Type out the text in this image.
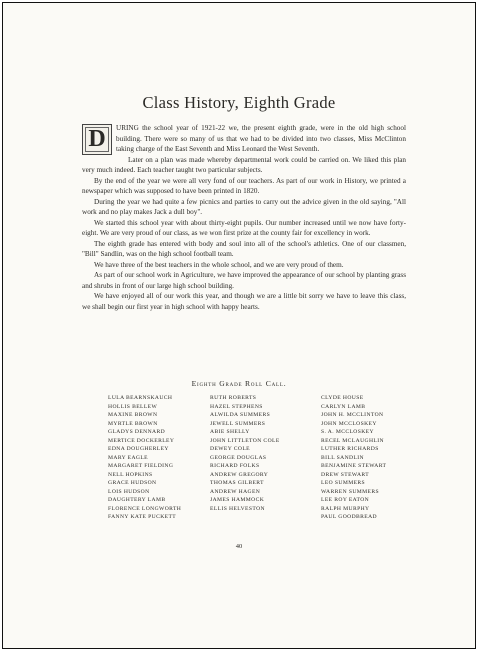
Class History, Eighth Grade

D	URING the school year of 1921-22 we, the present eighth grade, were in the old high school building. There were so many of us that we had to be divided into two classes, Miss McClinton taking charge of the East Seventh and Miss Leonard the West Seventh.

Later on a plan was made whereby departmental work could be carried on. We liked this plan very much indeed. Each teacher taught two particular subjects.

By the end of the year we were all very fond of our teachers. As part of our work in History, we printed a newspaper which was supposed to have been printed in 1820.

During the year we had quite a few picnics and parties to carry out the advice given in the old saying, "All work and no play makes Jack a dull boy".

We started this school year with about thirty-eight pupils. Our number increased until we now have forty-eight. We are very proud of our class, as we won first prize at the county fair for excellency in work.

The eighth grade has entered with body and soul into all of the school's athletics. One of our classmen, "Bill" Sandlin, was on the high school football team.

We have three of the best teachers in the whole school, and we are very proud of them.

As part of our school work in Agriculture, we have improved the appearance of our school by planting grass and shrubs in front of our large high school building.

We have enjoyed all of our work this year, and though we are a little bit sorry we have to leave this class, we shall begin our first year in high school with happy hearts.

Eighth Grade Roll Call.
LULA BEARNSKAUCH
HOLLIS BELLEW
MAXINE BROWN
MYRTLE BROWN
GLADYS DENNARD
MERTICE DOCKERLEY
EDNA DOUGHERLEY
MARY EAGLE
MARGARET FIELDING
NELL HOPKINS
GRACE HUDSON
LOIS HUDSON
DAUGHTERY LAMB
FLORENCE LONGWORTH
FANNY KATE PUCKETT
RUTH ROBERTS
HAZEL STEPHENS
ALWILDA SUMMERS
JEWELL SUMMERS
ABIE SHELLY
JOHN LITTLETON COLE
DEWEY COLE
GEORGE DOUGLAS
RICHARD FOLKS
ANDREW GREGORY
THOMAS GILBERT
ANDREW HAGEN
JAMES HAMMOCK
ELLIS HELVESTON
CLYDE HOUSE
CARLYN LAMB
JOHN H. MCCLINTON
JOHN MCCLOSKEY
S. A. MCCLOSKEY
RECEL MCLAUGHLIN
LUTHER RICHARDS
BILL SANDLIN
BENJAMINE STEWART
DREW STEWART
LEO SUMMERS
WARREN SUMMERS
LEE ROY EATON
RALPH MURPHY
PAUL GOODBREAD
40
